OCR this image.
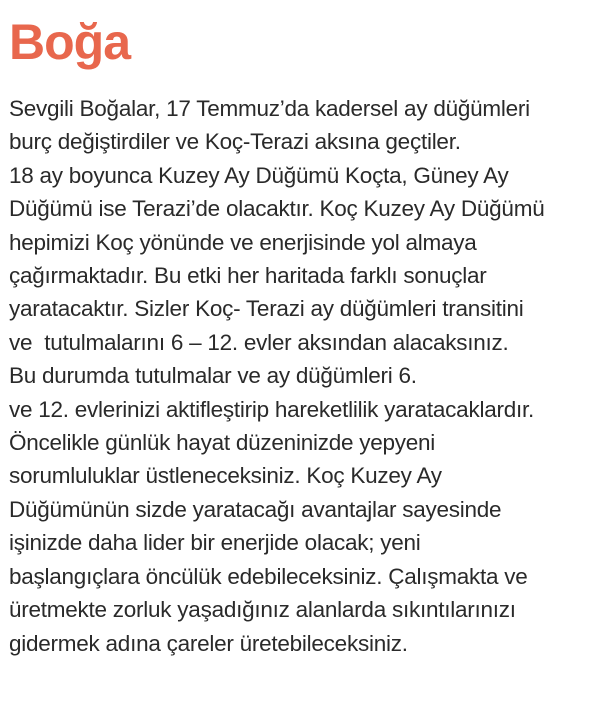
Boğa
Sevgili Boğalar, 17 Temmuz’da kadersel ay düğümleri
burç değiştirdiler ve Koç-Terazi aksına geçtiler.
18 ay boyunca Kuzey Ay Düğümü Koçta, Güney Ay
Düğümü ise Terazi’de olacaktır. Koç Kuzey Ay Düğümü
hepimizi Koç yönünde ve enerjisinde yol almaya
çağırmaktadır. Bu etki her haritada farklı sonuçlar
yaratacaktır. Sizler Koç- Terazi ay düğümleri transitini
ve  tutulmalarını 6 – 12. evler aksından alacaksınız.
Bu durumda tutulmalar ve ay düğümleri 6.
ve 12. evlerinizi aktifleştirip hareketlilik yaratacaklardır.
Öncelikle günlük hayat düzeninizde yepyeni
sorumluluklar üstleneceksiniz. Koç Kuzey Ay
Düğümünün sizde yaratacağı avantajlar sayesinde
işinizde daha lider bir enerjide olacak; yeni
başlangıçlara öncülük edebileceksiniz. Çalışmakta ve
üretmekte zorluk yaşadığınız alanlarda sıkıntılarınızı
gidermek adına çareler üretebileceksiniz.
